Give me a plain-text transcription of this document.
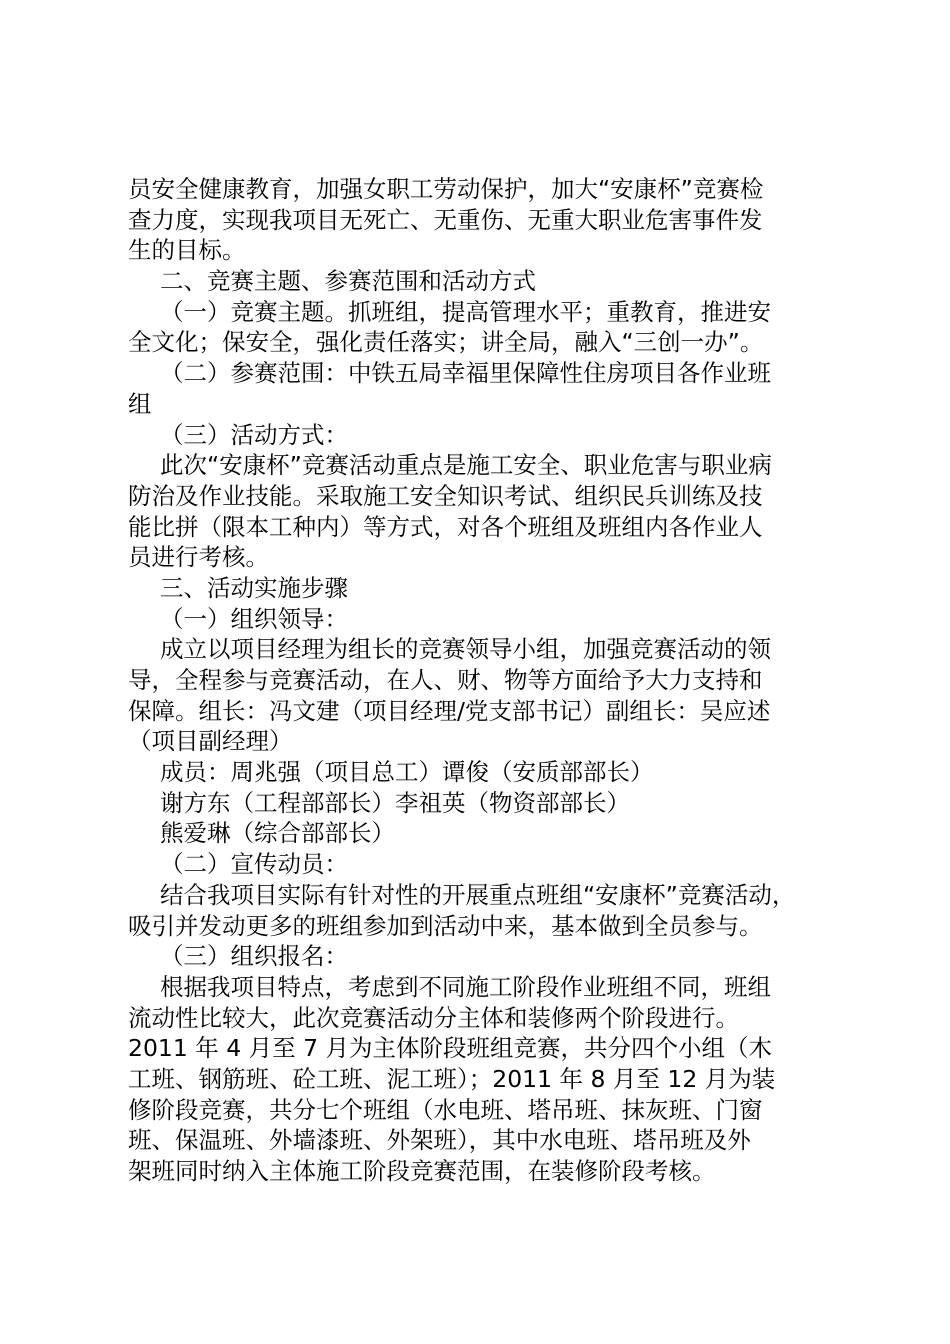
员安全健康教育，加强女职工劳动保护，加大“安康杯”竞赛检
查力度，实现我项目无死亡、无重伤、无重大职业危害事件发
生的目标。
二、竞赛主题、参赛范围和活动方式
（一）竞赛主题。抓班组，提高管理水平；重教育，推进安
全文化；保安全，强化责任落实；讲全局，融入“三创一办”。
（二）参赛范围：中铁五局幸福里保障性住房项目各作业班
组
（三）活动方式：
此次“安康杯”竞赛活动重点是施工安全、职业危害与职业病
防治及作业技能。采取施工安全知识考试、组织民兵训练及技
能比拼（限本工种内）等方式，对各个班组及班组内各作业人
员进行考核。
三、活动实施步骤
（一）组织领导：
成立以项目经理为组长的竞赛领导小组，加强竞赛活动的领
导，全程参与竞赛活动，在人、财、物等方面给予大力支持和
保障。组长：冯文建（项目经理/党支部书记）副组长：吴应述
（项目副经理）
成员：周兆强（项目总工）谭俊（安质部部长）
谢方东（工程部部长）李祖英（物资部部长）
熊爱琳（综合部部长）
（二）宣传动员：
结合我项目实际有针对性的开展重点班组“安康杯”竞赛活动，
吸引并发动更多的班组参加到活动中来，基本做到全员参与。
（三）组织报名：
根据我项目特点，考虑到不同施工阶段作业班组不同，班组
流动性比较大，此次竞赛活动分主体和装修两个阶段进行。
2011 年 4 月至 7 月为主体阶段班组竞赛，共分四个小组（木
工班、钢筋班、砼工班、泥工班）；2011 年 8 月至 12 月为装
修阶段竞赛，共分七个班组（水电班、塔吊班、抹灰班、门窗
班、保温班、外墙漆班、外架班），其中水电班、塔吊班及外
架班同时纳入主体施工阶段竞赛范围，在装修阶段考核。
